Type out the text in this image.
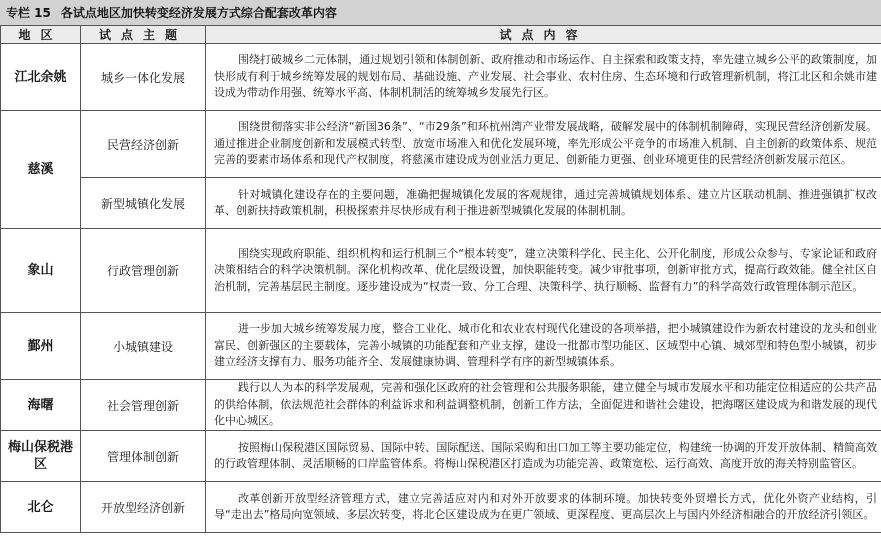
专栏 15 各试点地区加快转变经济发展方式综合配套改革内容
地区	试点主题	试点内容
江北余姚	城乡一体化发展	围绕打破城乡二元体制，通过规划引领和体制创新、政府推动和市场运作、自主探索和政策支持，率先建立城乡公平的政策制度，加快形成有利于城乡统筹发展的规划布局、基础设施、产业发展、社会事业、农村住房、生态环境和行政管理新机制，将江北区和余姚市建设成为带动作用强、统筹水平高、体制机制活的统筹城乡发展先行区。
慈溪	民营经济创新	围绕贯彻落实非公经济“新国36条”、“市29条”和环杭州湾产业带发展战略，破解发展中的体制机制障碍，实现民营经济创新发展。通过推进企业制度创新和发展模式转型、放宽市场准入和优化发展环境，率先形成公平竞争的市场准入机制、自主创新的政策体系、规范完善的要素市场体系和现代产权制度，将慈溪市建设成为创业活力更足、创新能力更强、创业环境更佳的民营经济创新发展示范区。
	新型城镇化发展	针对城镇化建设存在的主要问题，准确把握城镇化发展的客观规律，通过完善城镇规划体系、建立片区联动机制、推进强镇扩权改革、创新扶持政策机制，积极探索并尽快形成有利于推进新型城镇化发展的体制机制。
象山	行政管理创新	围绕实现政府职能、组织机构和运行机制三个“根本转变”，建立决策科学化、民主化、公开化制度，形成公众参与、专家论证和政府决策相结合的科学决策机制。深化机构改革、优化层级设置，加快职能转变。减少审批事项，创新审批方式，提高行政效能。健全社区自治机制，完善基层民主制度。逐步建设成为“权责一致、分工合理、决策科学、执行顺畅、监督有力”的科学高效行政管理体制示范区。
鄞州	小城镇建设	进一步加大城乡统筹发展力度，整合工业化、城市化和农业农村现代化建设的各项举措，把小城镇建设作为新农村建设的龙头和创业富民、创新强区的主要载体，完善小城镇的功能配套和产业支撑，建设一批都市型功能区、区域型中心镇、城郊型和特色型小城镇，初步建立经济支撑有力、服务功能齐全、发展健康协调、管理科学有序的新型城镇体系。
海曙	社会管理创新	践行以人为本的科学发展观，完善和强化区政府的社会管理和公共服务职能，建立健全与城市发展水平和功能定位相适应的公共产品的供给体制，依法规范社会群体的利益诉求和利益调整机制，创新工作方法，全面促进和谐社会建设，把海曙区建设成为和谐发展的现代化中心城区。
梅山保税港区	管理体制创新	按照梅山保税港区国际贸易、国际中转、国际配送、国际采购和出口加工等主要功能定位，构建统一协调的开发开放体制、精简高效的行政管理体制、灵活顺畅的口岸监管体系。将梅山保税港区打造成为功能完善、政策宽松、运行高效、高度开放的海关特别监管区。
北仑	开放型经济创新	改革创新开放型经济管理方式，建立完善适应对内和对外开放要求的体制环境。加快转变外贸增长方式，优化外资产业结构，引导“走出去”格局向宽领域、多层次转变，将北仑区建设成为在更广领域、更深程度、更高层次上与国内外经济相融合的开放经济引领区。
